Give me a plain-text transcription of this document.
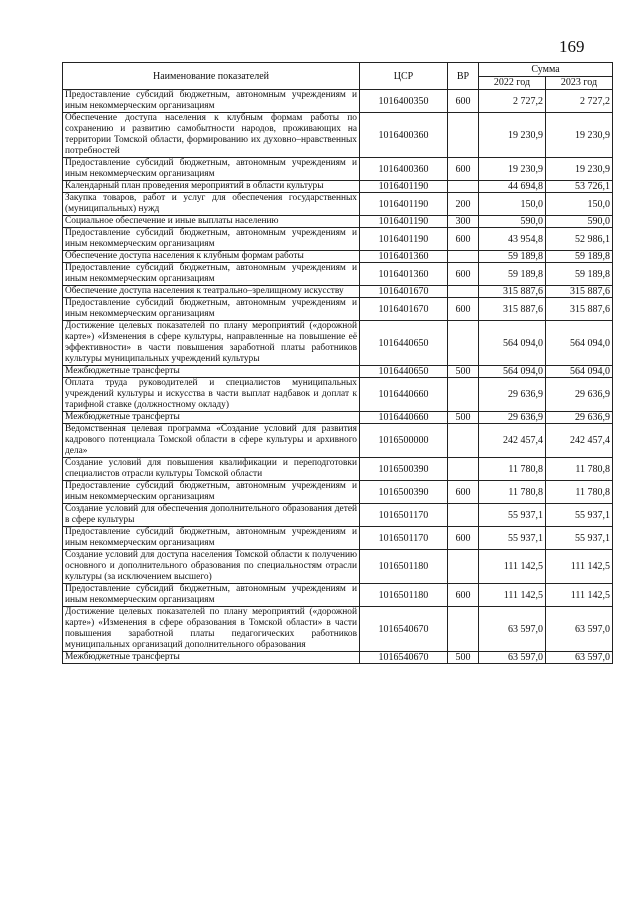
169
Наименование показателей	ЦСР	ВР	Сумма	
			2022 год	2023 год
Предоставление субсидий бюджетным, автономным учреждениям и иным некоммерческим организациям	1016400350	600	2 727,2	2 727,2
Обеспечение доступа населения к клубным формам работы по сохранению и развитию самобытности народов, проживающих на территории Томской области, формированию их духовно–нравственных потребностей	1016400360		19 230,9	19 230,9
Предоставление субсидий бюджетным, автономным учреждениям и иным некоммерческим организациям	1016400360	600	19 230,9	19 230,9
Календарный план проведения мероприятий в области культуры	1016401190		44 694,8	53 726,1
Закупка товаров, работ и услуг для обеспечения государственных (муниципальных) нужд	1016401190	200	150,0	150,0
Социальное обеспечение и иные выплаты населению	1016401190	300	590,0	590,0
Предоставление субсидий бюджетным, автономным учреждениям и иным некоммерческим организациям	1016401190	600	43 954,8	52 986,1
Обеспечение доступа населения к клубным формам работы	1016401360		59 189,8	59 189,8
Предоставление субсидий бюджетным, автономным учреждениям и иным некоммерческим организациям	1016401360	600	59 189,8	59 189,8
Обеспечение доступа населения к театрально–зрелищному искусству	1016401670		315 887,6	315 887,6
Предоставление субсидий бюджетным, автономным учреждениям и иным некоммерческим организациям	1016401670	600	315 887,6	315 887,6
Достижение целевых показателей по плану мероприятий («дорожной карте») «Изменения в сфере культуры, направленные на повышение её эффективности» в части повышения заработной платы работников культуры муниципальных учреждений культуры	1016440650		564 094,0	564 094,0
Межбюджетные трансферты	1016440650	500	564 094,0	564 094,0
Оплата труда руководителей и специалистов муниципальных учреждений культуры и искусства в части выплат надбавок и доплат к тарифной ставке (должностному окладу)	1016440660		29 636,9	29 636,9
Межбюджетные трансферты	1016440660	500	29 636,9	29 636,9
Ведомственная целевая программа «Создание условий для развития кадрового потенциала Томской области в сфере культуры и архивного дела»	1016500000		242 457,4	242 457,4
Создание условий для повышения квалификации и переподготовки специалистов отрасли культуры Томской области	1016500390		11 780,8	11 780,8
Предоставление субсидий бюджетным, автономным учреждениям и иным некоммерческим организациям	1016500390	600	11 780,8	11 780,8
Создание условий для обеспечения дополнительного образования детей в сфере культуры	1016501170		55 937,1	55 937,1
Предоставление субсидий бюджетным, автономным учреждениям и иным некоммерческим организациям	1016501170	600	55 937,1	55 937,1
Создание условий для доступа населения Томской области к получению основного и дополнительного образования по специальностям отрасли культуры (за исключением высшего)	1016501180		111 142,5	111 142,5
Предоставление субсидий бюджетным, автономным учреждениям и иным некоммерческим организациям	1016501180	600	111 142,5	111 142,5
Достижение целевых показателей по плану мероприятий («дорожной карте») «Изменения в сфере образования в Томской области» в части повышения заработной платы педагогических работников муниципальных организаций дополнительного образования	1016540670		63 597,0	63 597,0
Межбюджетные трансферты	1016540670	500	63 597,0	63 597,0
